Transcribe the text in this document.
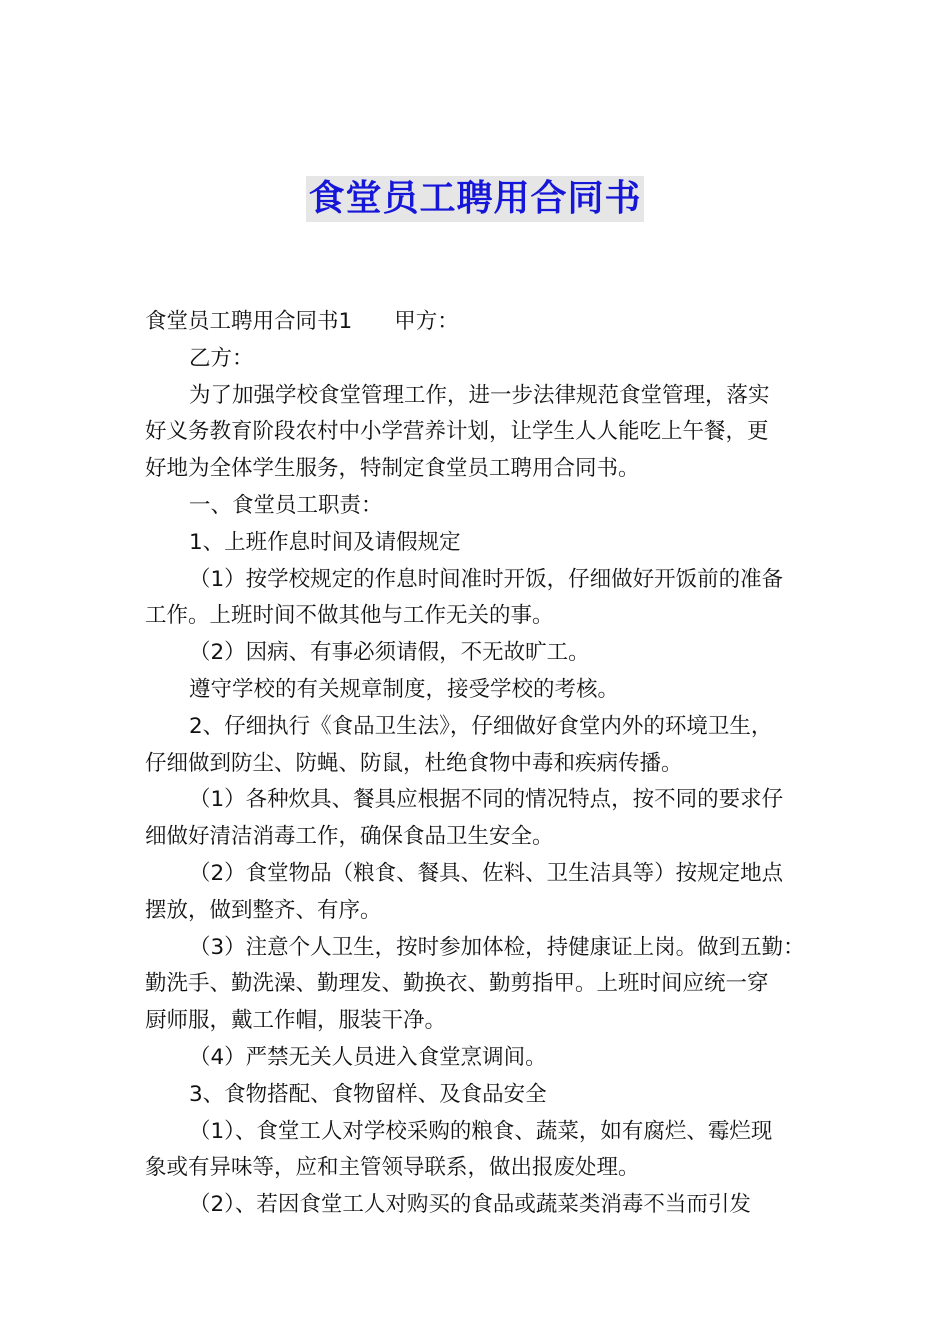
食堂员工聘用合同书
食堂员工聘用合同书1 甲方：
乙方：
为了加强学校食堂管理工作，进一步法律规范食堂管理，落实
好义务教育阶段农村中小学营养计划，让学生人人能吃上午餐，更
好地为全体学生服务，特制定食堂员工聘用合同书。
一、食堂员工职责：
1、上班作息时间及请假规定
（1）按学校规定的作息时间准时开饭，仔细做好开饭前的准备
工作。上班时间不做其他与工作无关的事。
（2）因病、有事必须请假，不无故旷工。
遵守学校的有关规章制度，接受学校的考核。
2、仔细执行《食品卫生法》，仔细做好食堂内外的环境卫生，
仔细做到防尘、防蝇、防鼠，杜绝食物中毒和疾病传播。
（1）各种炊具、餐具应根据不同的情况特点，按不同的要求仔
细做好清洁消毒工作，确保食品卫生安全。
（2）食堂物品（粮食、餐具、佐料、卫生洁具等）按规定地点
摆放，做到整齐、有序。
（3）注意个人卫生，按时参加体检，持健康证上岗。做到五勤：
勤洗手、勤洗澡、勤理发、勤换衣、勤剪指甲。上班时间应统一穿
厨师服，戴工作帽，服装干净。
（4）严禁无关人员进入食堂烹调间。
3、食物搭配、食物留样、及食品安全
（1）、食堂工人对学校采购的粮食、蔬菜，如有腐烂、霉烂现
象或有异味等，应和主管领导联系，做出报废处理。
（2）、若因食堂工人对购买的食品或蔬菜类消毒不当而引发
